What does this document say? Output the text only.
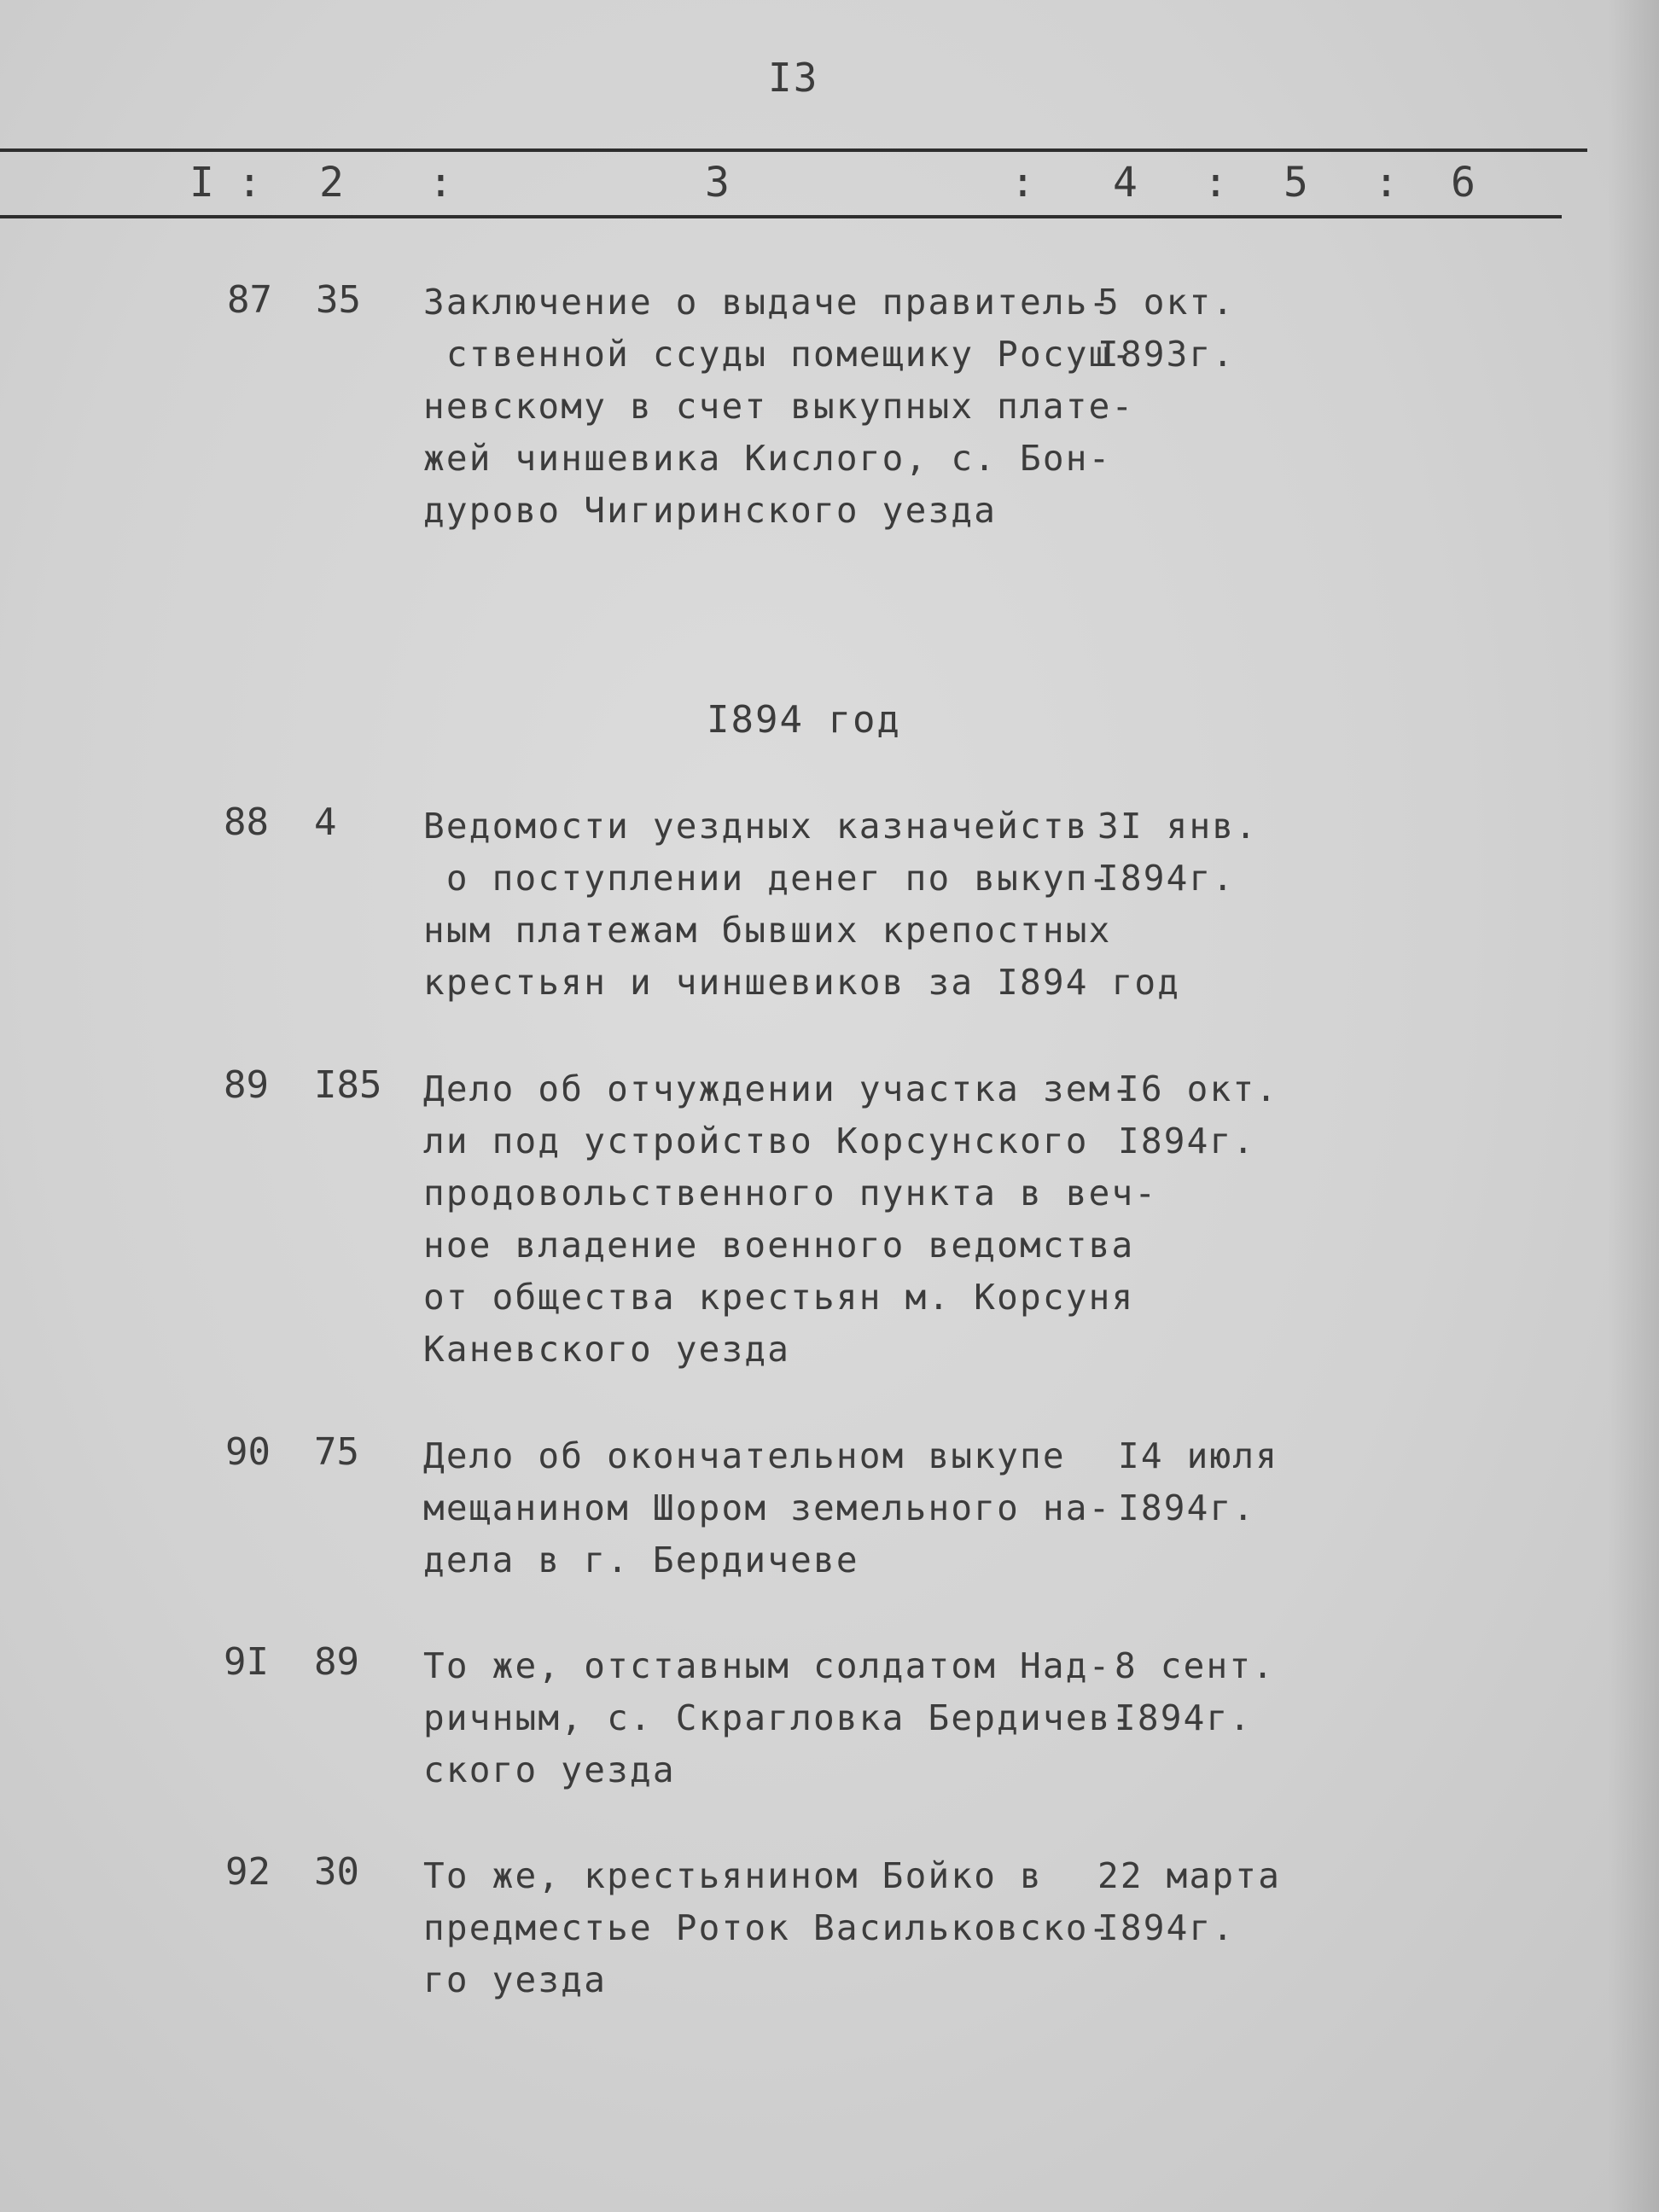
I3
I : 2 :	3	: 4 : 5 : 6
87 35 Заключение о выдаче правитель-
ственной ссуды помещику Росуш-
невскому в счет выкупных плате-
жей чиншевика Кислого, с. Бон-
дурово Чигиринского уезда
5 окт.
I893г.
I894 год
88 4 Ведомости уездных казначейств
о поступлении денег по выкуп-
ным платежам бывших крепостных
крестьян и чиншевиков за I894 год
3I янв.
I894г.
89 I85 Дело об отчуждении участка зем-
ли под устройство Корсунского
продовольственного пункта в веч-
ное владение военного ведомства
от общества крестьян м. Корсуня
Каневского уезда
I6 окт.
I894г.
90 75 Дело об окончательном выкупе
мещанином Шором земельного на-
дела в г. Бердичеве
I4 июля
I894г.
9I 89 То же, отставным солдатом Над-
ричным, с. Скрагловка Бердичев-
ского уезда
8 сент.
I894г.
92 30 То же, крестьянином Бойко в
предместье Роток Васильковско-
го уезда
22 марта
I894г.
